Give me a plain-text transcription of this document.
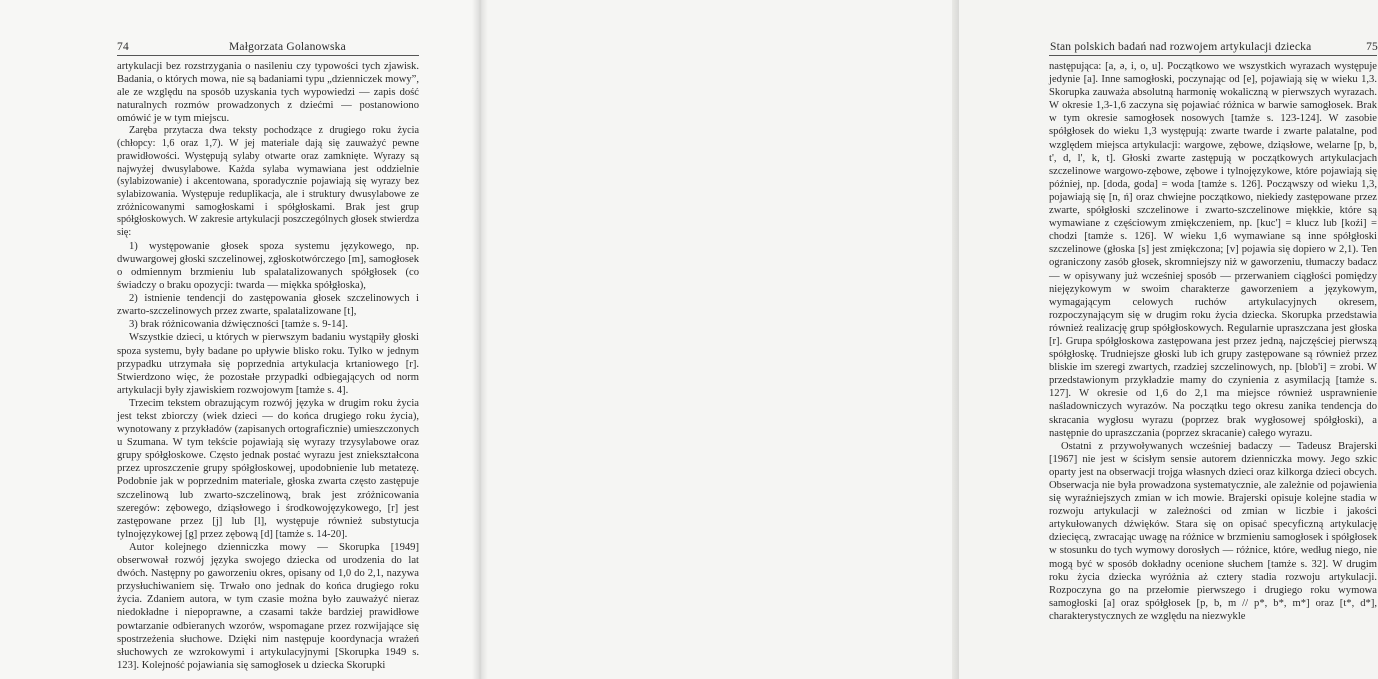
74	Małgorzata Golanowska

artykulacji bez rozstrzygania o nasileniu czy typowości tych zjawisk. Badania, o których mowa, nie są badaniami typu „dzienniczek mowy”, ale ze względu na sposób uzyskania tych wypowiedzi — zapis dość naturalnych rozmów prowadzonych z dziećmi — postanowiono omówić je w tym miejscu.

Zaręba przytacza dwa teksty pochodzące z drugiego roku życia (chłopcy: 1,6 oraz 1,7). W jej materiale dają się zauważyć pewne prawidłowości. Występują sylaby otwarte oraz zamknięte. Wyrazy są najwyżej dwusylabowe. Każda sylaba wymawiana jest oddzielnie (sylabizowanie) i akcentowana, sporadycznie pojawiają się wyrazy bez sylabizowania. Występuje reduplikacja, ale i struktury dwusylabowe ze zróżnicowanymi samogłoskami i spółgłoskami. Brak jest grup spółgłoskowych. W zakresie artykulacji poszczególnych głosek stwierdza się:

1) występowanie głosek spoza systemu językowego, np. dwuwargowej głoski szczelinowej, zgłoskotwórczego [m], samogłosek o odmiennym brzmieniu lub spalatalizowanych spółgłosek (co świadczy o braku opozycji: twarda — miękka spółgłoska),

2) istnienie tendencji do zastępowania głosek szczelinowych i zwarto-szczelinowych przez zwarte, spalatalizowane [t],

3) brak różnicowania dźwięczności [tamże s. 9-14].

Wszystkie dzieci, u których w pierwszym badaniu wystąpiły głoski spoza systemu, były badane po upływie blisko roku. Tylko w jednym przypadku utrzymała się poprzednia artykulacja krtaniowego [r]. Stwierdzono więc, że pozostałe przypadki odbiegających od norm artykulacji były zjawiskiem rozwojowym [tamże s. 4].

Trzecim tekstem obrazującym rozwój języka w drugim roku życia jest tekst zbiorczy (wiek dzieci — do końca drugiego roku życia), wynotowany z przykładów (zapisanych ortograficznie) umieszczonych u Szumana. W tym tekście pojawiają się wyrazy trzysylabowe oraz grupy spółgłoskowe. Często jednak postać wyrazu jest zniekształcona przez uproszczenie grupy spółgłoskowej, upodobnienie lub metatezę. Podobnie jak w poprzednim materiale, głoska zwarta często zastępuje szczelinową lub zwarto-szczelinową, brak jest zróżnicowania szeregów: zębowego, dziąsłowego i środkowojęzykowego, [r] jest zastępowane przez [j] lub [l], występuje również substytucja tylnojęzykowej [g] przez zębową [d] [tamże s. 14-20].

Autor kolejnego dzienniczka mowy — Skorupka [1949] obserwował rozwój języka swojego dziecka od urodzenia do lat dwóch. Następny po gaworzeniu okres, opisany od 1,0 do 2,1, nazywa przysłuchiwaniem się. Trwało ono jednak do końca drugiego roku życia. Zdaniem autora, w tym czasie można było zauważyć nieraz niedokładne i niepoprawne, a czasami także bardziej prawidłowe powtarzanie odbieranych wzorów, wspomagane przez rozwijające się spostrzeżenia słuchowe. Dzięki nim następuje koordynacja wrażeń słuchowych ze wzrokowymi i artykulacyjnymi [Skorupka 1949 s. 123]. Kolejność pojawiania się samogłosek u dziecka Skorupki

Stan polskich badań nad rozwojem artykulacji dziecka	75

następująca: [a, ə, i, o, u]. Początkowo we wszystkich wyrazach występuje jedynie [a]. Inne samogłoski, poczynając od [e], pojawiają się w wieku 1,3. Skorupka zauważa absolutną harmonię wokaliczną w pierwszych wyrazach. W okresie 1,3-1,6 zaczyna się pojawiać różnica w barwie samogłosek. Brak w tym okresie samogłosek nosowych [tamże s. 123-124]. W zasobie spółgłosek do wieku 1,3 występują: zwarte twarde i zwarte palatalne, pod względem miejsca artykulacji: wargowe, zębowe, dziąsłowe, welarne [p, b, t', d, l', k, t]. Głoski zwarte zastępują w początkowych artykulacjach szczelinowe wargowo-zębowe, zębowe i tylnojęzykowe, które pojawiają się później, np. [doda, goda] = woda [tamże s. 126]. Począwszy od wieku 1,3, pojawiają się [n, ń] oraz chwiejne początkowo, niekiedy zastępowane przez zwarte, spółgłoski szczelinowe i zwarto-szczelinowe miękkie, które są wymawiane z częściowym zmiękczeniem, np. [kuc'] = klucz lub [koźi] = chodzi [tamże s. 126]. W wieku 1,6 wymawiane są inne spółgłoski szczelinowe (głoska [s] jest zmiękczona; [v] pojawia się dopiero w 2,1). Ten ograniczony zasób głosek, skromniejszy niż w gaworzeniu, tłumaczy badacz — w opisywany już wcześniej sposób — przerwaniem ciągłości pomiędzy niejęzykowym w swoim charakterze gaworzeniem a językowym, wymagającym celowych ruchów artykulacyjnych okresem, rozpoczynającym się w drugim roku życia dziecka. Skorupka przedstawia również realizację grup spółgłoskowych. Regularnie upraszczana jest głoska [r]. Grupa spółgłoskowa zastępowana jest przez jedną, najczęściej pierwszą spółgłoskę. Trudniejsze głoski lub ich grupy zastępowane są również przez bliskie im szeregi zwartych, rzadziej szczelinowych, np. [blob'i] = zrobi. W przedstawionym przykładzie mamy do czynienia z asymilacją [tamże s. 127]. W okresie od 1,6 do 2,1 ma miejsce również usprawnienie naśladowniczych wyrazów. Na początku tego okresu zanika tendencja do skracania wygłosu wyrazu (poprzez brak wygłosowej spółgłoski), a następnie do upraszczania (poprzez skracanie) całego wyrazu.

Ostatni z przywoływanych wcześniej badaczy — Tadeusz Brajerski [1967] nie jest w ścisłym sensie autorem dzienniczka mowy. Jego szkic oparty jest na obserwacji trojga własnych dzieci oraz kilkorga dzieci obcych. Obserwacja nie była prowadzona systematycznie, ale zależnie od pojawienia się wyraźniejszych zmian w ich mowie. Brajerski opisuje kolejne stadia w rozwoju artykulacji w zależności od zmian w liczbie i jakości artykułowanych dźwięków. Stara się on opisać specyficzną artykulację dziecięcą, zwracając uwagę na różnice w brzmieniu samogłosek i spółgłosek w stosunku do tych wymowy dorosłych — różnice, które, według niego, nie mogą być w sposób dokładny ocenione słuchem [tamże s. 32]. W drugim roku życia dziecka wyróżnia aż cztery stadia rozwoju artykulacji. Rozpoczyna go na przełomie pierwszego i drugiego roku wymowa samogłoski [a] oraz spółgłosek [p, b, m // p*, b*, m*] oraz [t*, d*], charakterystycznych ze względu na niezwykle
